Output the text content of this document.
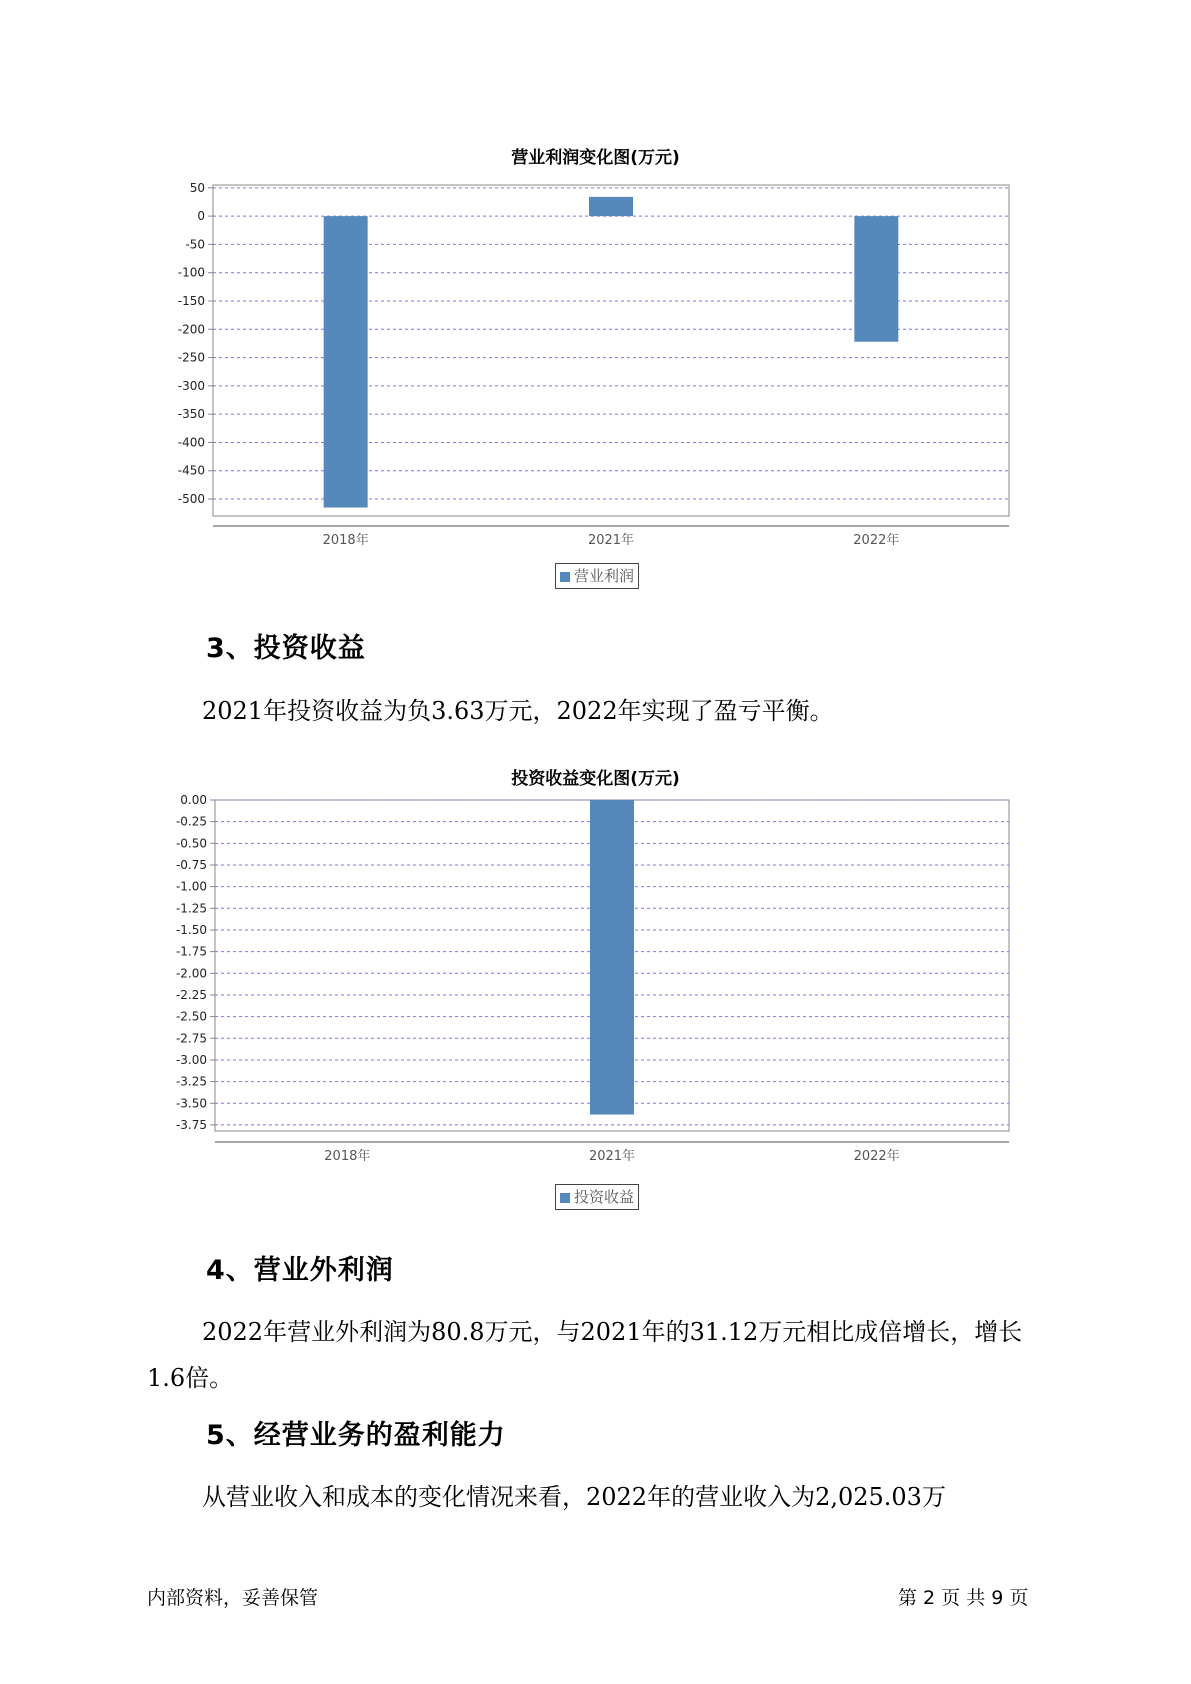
营业利润变化图(万元)
50
0
-50
-100
-150
-200
-250
-300
-350
-400
-450
-500
2018年	2021年	2022年
营业利润
3、投资收益
2021年投资收益为负3.63万元，2022年实现了盈亏平衡。
投资收益变化图(万元)
0.00
-0.25
-0.50
-0.75
-1.00
-1.25
-1.50
-1.75
-2.00
-2.25
-2.50
-2.75
-3.00
-3.25
-3.50
-3.75
2018年	2021年	2022年
投资收益
4、营业外利润
2022年营业外利润为80.8万元，与2021年的31.12万元相比成倍增长，增长1.6倍。
5、经营业务的盈利能力
从营业收入和成本的变化情况来看，2022年的营业收入为2,025.03万
内部资料，妥善保管	第 2 页 共 9 页
